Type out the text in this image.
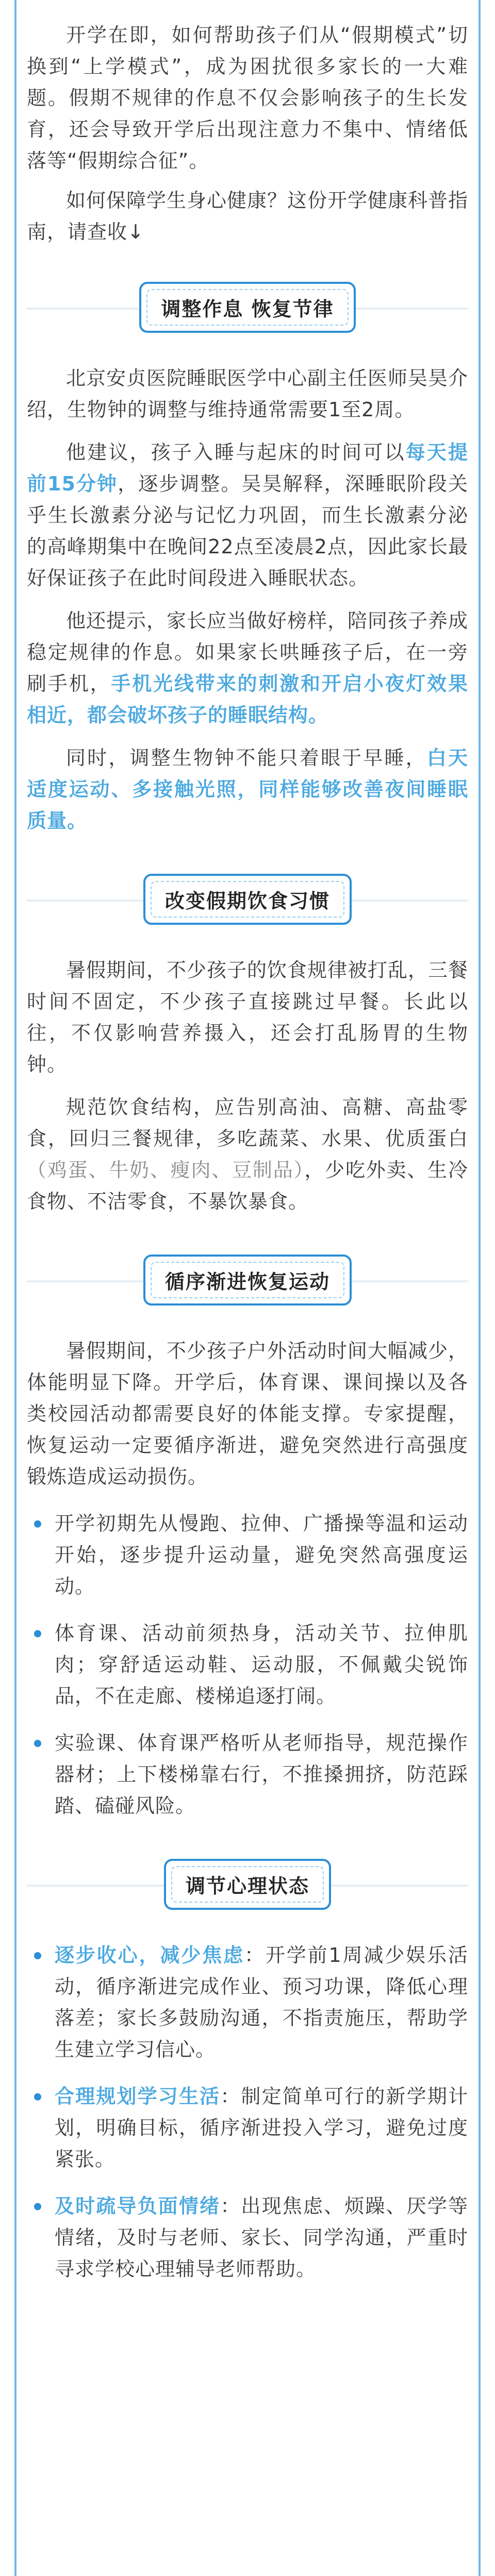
开学在即，如何帮助孩子们从“假期模式”切换到“上学模式”，成为困扰很多家长的一大难题。假期不规律的作息不仅会影响孩子的生长发育，还会导致开学后出现注意力不集中、情绪低落等“假期综合征”。

如何保障学生身心健康？这份开学健康科普指南，请查收↓

调整作息 恢复节律

北京安贞医院睡眠医学中心副主任医师吴昊介绍，生物钟的调整与维持通常需要1至2周。

他建议，孩子入睡与起床的时间可以每天提前15分钟，逐步调整。吴昊解释，深睡眠阶段关乎生长激素分泌与记忆力巩固，而生长激素分泌的高峰期集中在晚间22点至凌晨2点，因此家长最好保证孩子在此时间段进入睡眠状态。

他还提示，家长应当做好榜样，陪同孩子养成稳定规律的作息。如果家长哄睡孩子后，在一旁刷手机，手机光线带来的刺激和开启小夜灯效果相近，都会破坏孩子的睡眠结构。

同时，调整生物钟不能只着眼于早睡，白天适度运动、多接触光照，同样能够改善夜间睡眠质量。

改变假期饮食习惯

暑假期间，不少孩子的饮食规律被打乱，三餐时间不固定，不少孩子直接跳过早餐。长此以往，不仅影响营养摄入，还会打乱肠胃的生物钟。

规范饮食结构，应告别高油、高糖、高盐零食，回归三餐规律，多吃蔬菜、水果、优质蛋白（鸡蛋、牛奶、瘦肉、豆制品），少吃外卖、生冷食物、不洁零食，不暴饮暴食。

循序渐进恢复运动

暑假期间，不少孩子户外活动时间大幅减少，体能明显下降。开学后，体育课、课间操以及各类校园活动都需要良好的体能支撑。专家提醒，恢复运动一定要循序渐进，避免突然进行高强度锻炼造成运动损伤。

开学初期先从慢跑、拉伸、广播操等温和运动开始，逐步提升运动量，避免突然高强度运动。
体育课、活动前须热身，活动关节、拉伸肌肉；穿舒适运动鞋、运动服，不佩戴尖锐饰品，不在走廊、楼梯追逐打闹。
实验课、体育课严格听从老师指导，规范操作器材；上下楼梯靠右行，不推搡拥挤，防范踩踏、磕碰风险。
调节心理状态
逐步收心，减少焦虑：开学前1周减少娱乐活动，循序渐进完成作业、预习功课，降低心理落差；家长多鼓励沟通，不指责施压，帮助学生建立学习信心。
合理规划学习生活：制定简单可行的新学期计划，明确目标，循序渐进投入学习，避免过度紧张。
及时疏导负面情绪：出现焦虑、烦躁、厌学等情绪，及时与老师、家长、同学沟通，严重时寻求学校心理辅导老师帮助。
